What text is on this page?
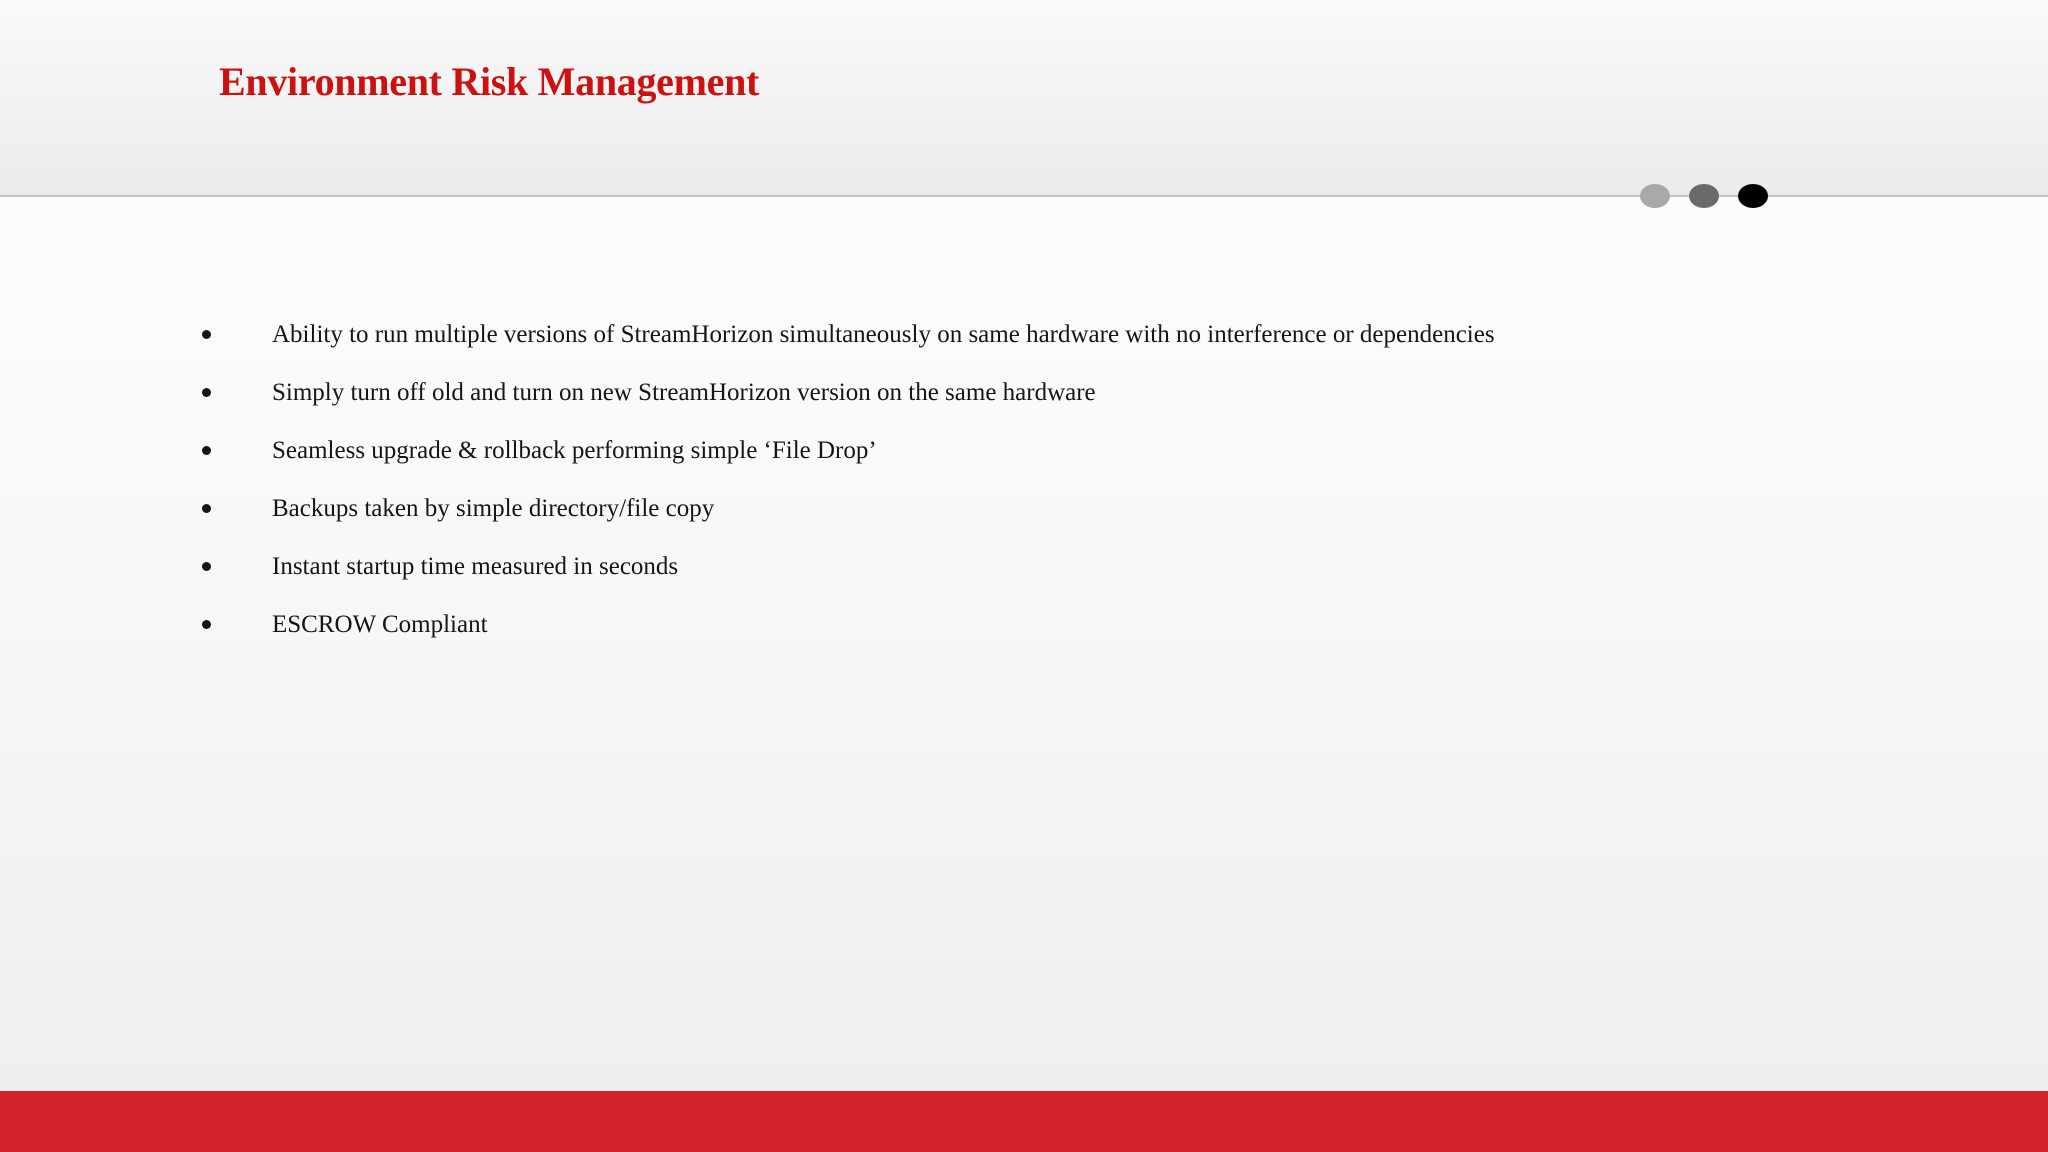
Environment Risk Management
Ability to run multiple versions of StreamHorizon simultaneously on same hardware with no interference or dependencies
Simply turn off old and turn on new StreamHorizon version on the same hardware
Seamless upgrade & rollback performing simple ‘File Drop’
Backups taken by simple directory/file copy
Instant startup time measured in seconds
ESCROW Compliant
